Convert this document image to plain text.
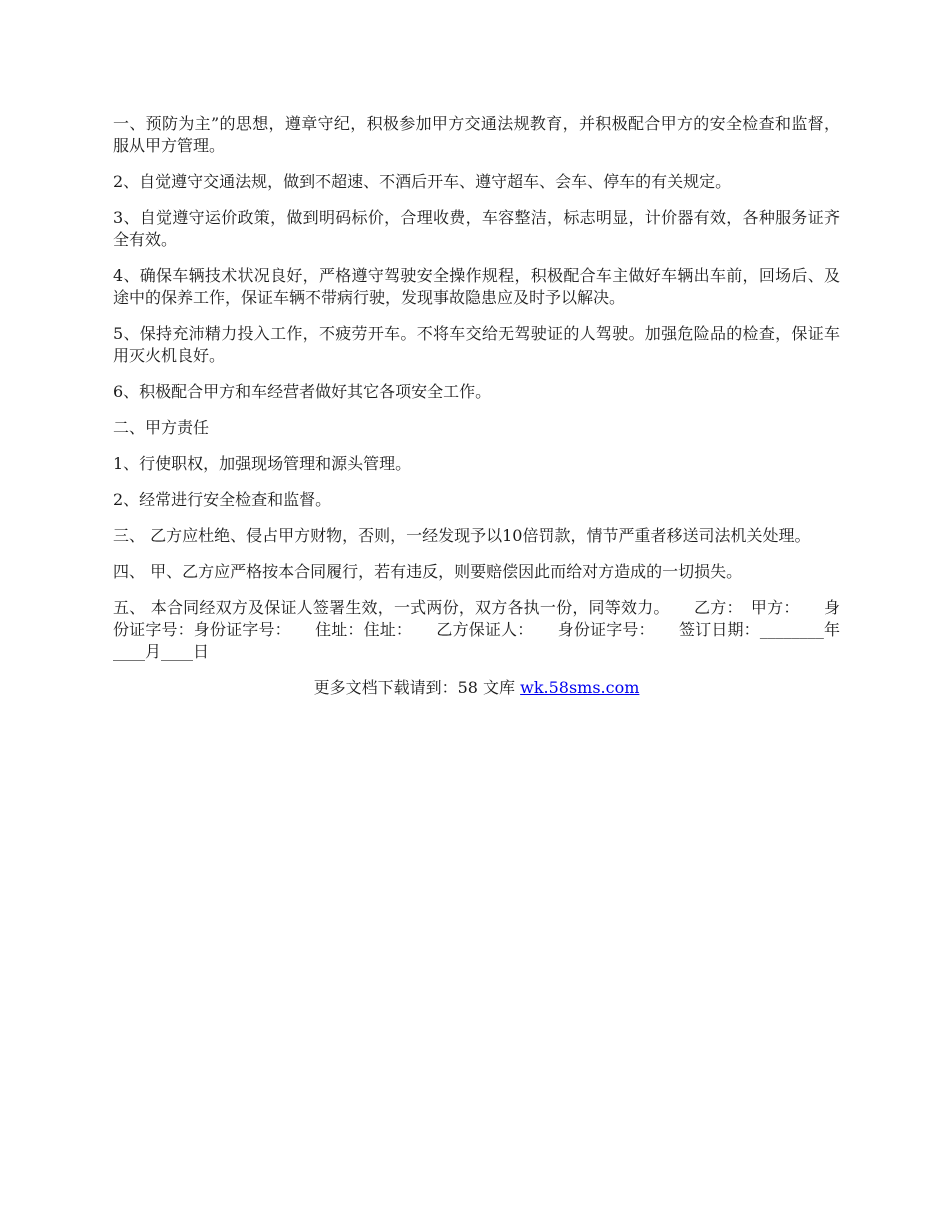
一、预防为主”的思想，遵章守纪，积极参加甲方交通法规教育，并积极配合甲方的安全检查和监督，服从甲方管理。

2、自觉遵守交通法规，做到不超速、不酒后开车、遵守超车、会车、停车的有关规定。

3、自觉遵守运价政策，做到明码标价，合理收费，车容整洁，标志明显，计价器有效，各种服务证齐全有效。

4、确保车辆技术状况良好，严格遵守驾驶安全操作规程，积极配合车主做好车辆出车前，回场后、及途中的保养工作，保证车辆不带病行驶，发现事故隐患应及时予以解决。

5、保持充沛精力投入工作，不疲劳开车。不将车交给无驾驶证的人驾驶。加强危险品的检查，保证车用灭火机良好。

6、积极配合甲方和车经营者做好其它各项安全工作。

二、甲方责任

1、行使职权，加强现场管理和源头管理。

2、经常进行安全检查和监督。

三、 乙方应杜绝、侵占甲方财物，否则，一经发现予以10倍罚款，情节严重者移送司法机关处理。

四、 甲、乙方应严格按本合同履行，若有违反，则要赔偿因此而给对方造成的一切损失。

五、 本合同经双方及保证人签署生效，一式两份，双方各执一份，同等效力。　　乙方：　甲方：　　身份证字号：身份证字号：　　住址：住址：　　乙方保证人：　　身份证字号：　　签订日期：________年____月____日

更多文档下载请到：58 文库 wk.58sms.com
